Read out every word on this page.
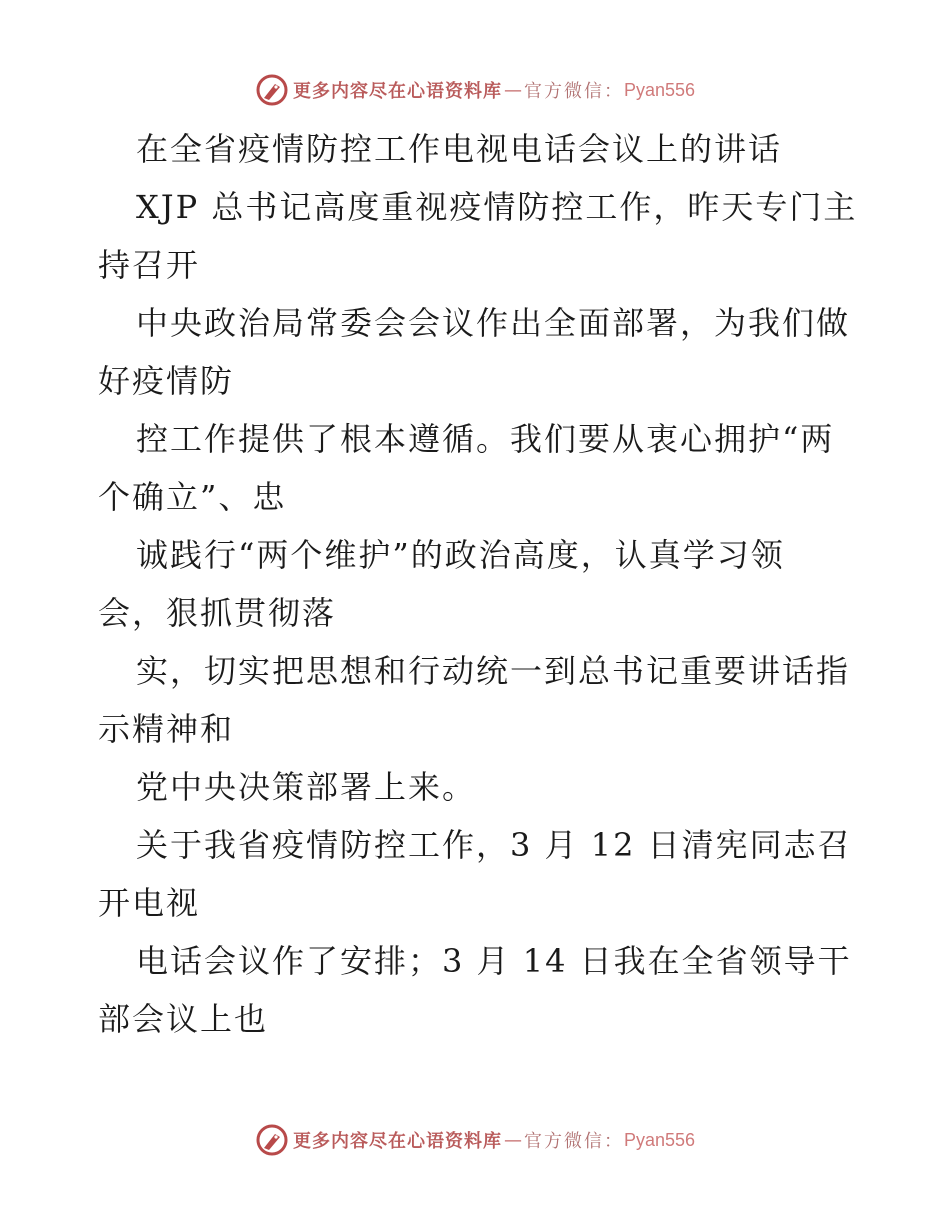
更多内容尽在心语资料库 — 官方微信： Pyan556
在全省疫情防控工作电视电话会议上的讲话
XJP 总书记高度重视疫情防控工作，昨天专门主
持召开
中央政治局常委会会议作出全面部署，为我们做
好疫情防
控工作提供了根本遵循。我们要从衷心拥护“两
个确立”、忠
诚践行“两个维护”的政治高度，认真学习领
会，狠抓贯彻落
实，切实把思想和行动统一到总书记重要讲话指
示精神和
党中央决策部署上来。
关于我省疫情防控工作，3 月 12 日清宪同志召
开电视
电话会议作了安排；3 月 14 日我在全省领导干
部会议上也
更多内容尽在心语资料库 — 官方微信： Pyan556
